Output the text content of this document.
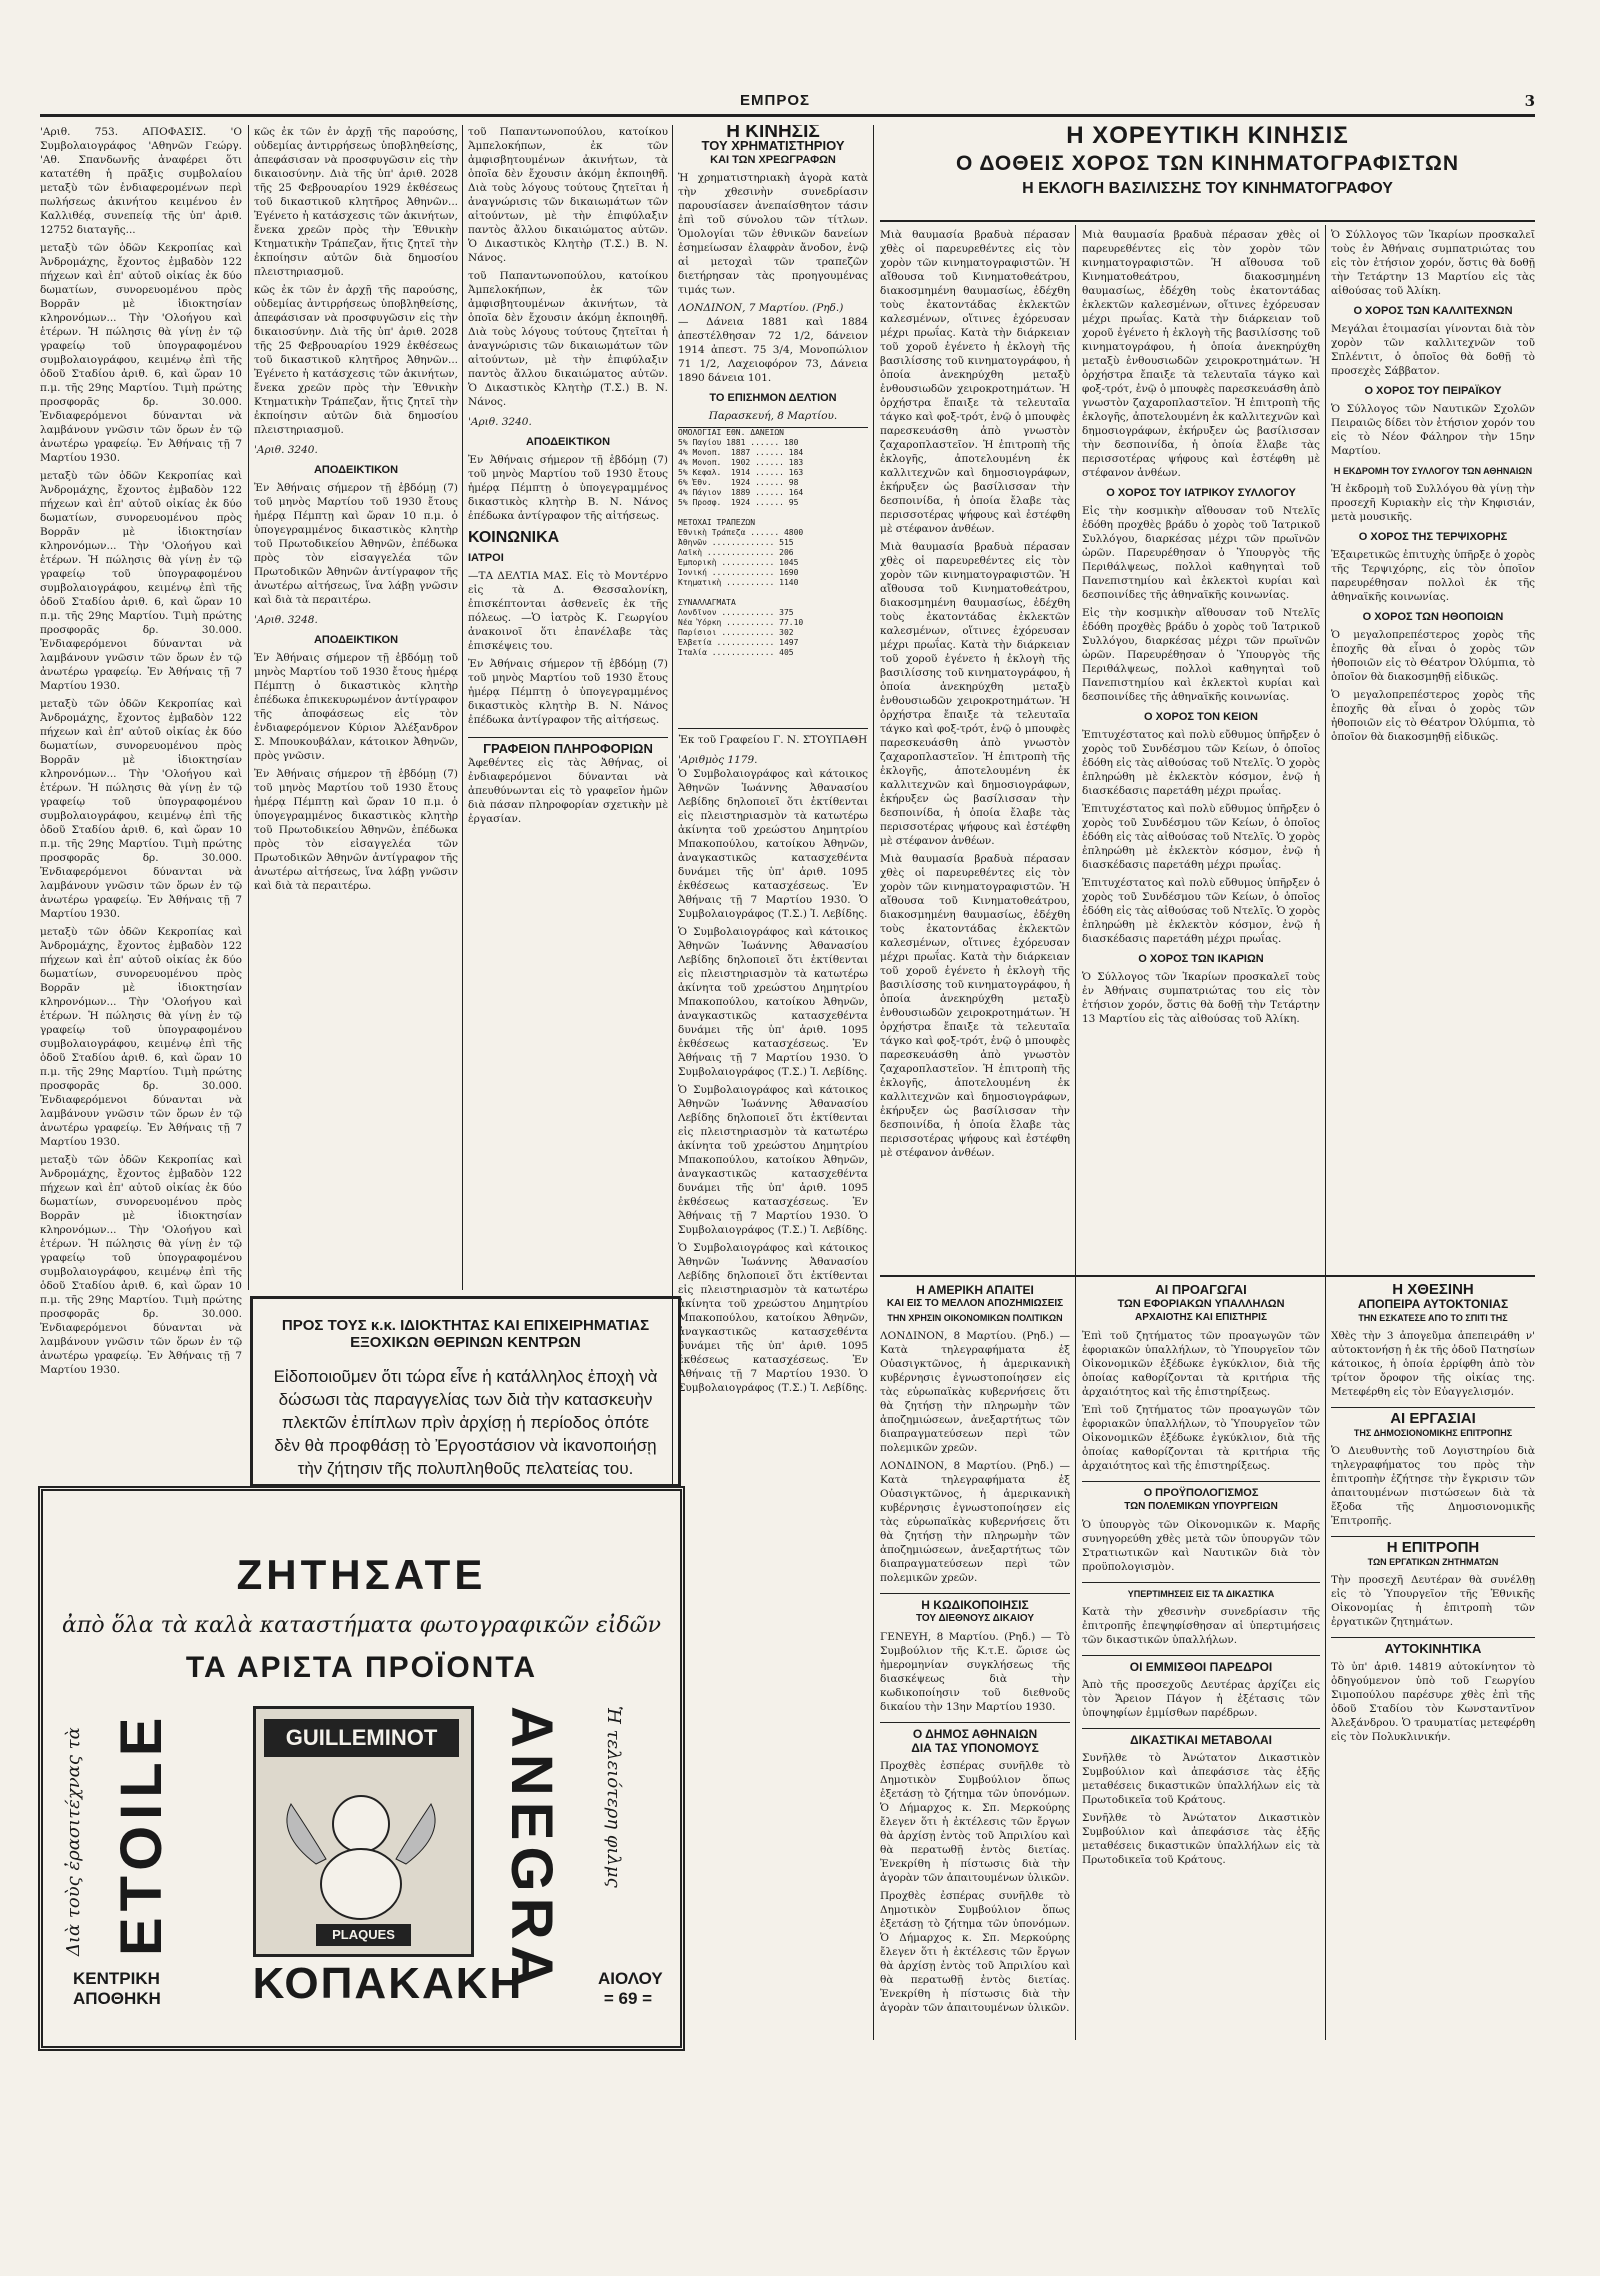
ΕΜΠΡΟΣ	3
'Αριθ. 753. ΑΠΟΦΑΣΙΣ. 'Ο Συμβολαιογράφος 'Αθηνῶν Γεώργ. 'Αθ. Σπανδωνῆς ἀναφέρει ὅτι κατατέθη ἡ πρᾶξις συμβολαίου μεταξὺ τῶν ἐνδιαφερομένων περὶ πωλήσεως ἀκινήτου κειμένου ἐν Καλλιθέᾳ, συνεπείᾳ τῆς ὑπ' ἀριθ. 12752 διαταγῆς...
μεταξὺ τῶν ὁδῶν Κεκροπίας καὶ Ἀνδρομάχης, ἔχοντος ἐμβαδὸν 122 πήχεων καὶ ἐπ' αὐτοῦ οἰκίας ἐκ δύο δωματίων, συνορευομένου πρὸς Βορρᾶν μὲ ἰδιοκτησίαν κληρονόμων... Τὴν 'Ολοήγου καὶ ἑτέρων. Ἡ πώλησις θὰ γίνῃ ἐν τῷ γραφείῳ τοῦ ὑπογραφομένου συμβολαιογράφου, κειμένῳ ἐπὶ τῆς ὁδοῦ Σταδίου ἀριθ. 6, καὶ ὥραν 10 π.μ. τῆς 29ης Μαρτίου. Τιμὴ πρώτης προσφορᾶς δρ. 30.000. Ἐνδιαφερόμενοι δύνανται νὰ λαμβάνουν γνῶσιν τῶν ὅρων ἐν τῷ ἀνωτέρω γραφείῳ. Ἐν Ἀθήναις τῇ 7 Μαρτίου 1930.
μεταξὺ τῶν ὁδῶν Κεκροπίας καὶ Ἀνδρομάχης, ἔχοντος ἐμβαδὸν 122 πήχεων καὶ ἐπ' αὐτοῦ οἰκίας ἐκ δύο δωματίων, συνορευομένου πρὸς Βορρᾶν μὲ ἰδιοκτησίαν κληρονόμων... Τὴν 'Ολοήγου καὶ ἑτέρων. Ἡ πώλησις θὰ γίνῃ ἐν τῷ γραφείῳ τοῦ ὑπογραφομένου συμβολαιογράφου, κειμένῳ ἐπὶ τῆς ὁδοῦ Σταδίου ἀριθ. 6, καὶ ὥραν 10 π.μ. τῆς 29ης Μαρτίου. Τιμὴ πρώτης προσφορᾶς δρ. 30.000. Ἐνδιαφερόμενοι δύνανται νὰ λαμβάνουν γνῶσιν τῶν ὅρων ἐν τῷ ἀνωτέρω γραφείῳ. Ἐν Ἀθήναις τῇ 7 Μαρτίου 1930.
μεταξὺ τῶν ὁδῶν Κεκροπίας καὶ Ἀνδρομάχης, ἔχοντος ἐμβαδὸν 122 πήχεων καὶ ἐπ' αὐτοῦ οἰκίας ἐκ δύο δωματίων, συνορευομένου πρὸς Βορρᾶν μὲ ἰδιοκτησίαν κληρονόμων... Τὴν 'Ολοήγου καὶ ἑτέρων. Ἡ πώλησις θὰ γίνῃ ἐν τῷ γραφείῳ τοῦ ὑπογραφομένου συμβολαιογράφου, κειμένῳ ἐπὶ τῆς ὁδοῦ Σταδίου ἀριθ. 6, καὶ ὥραν 10 π.μ. τῆς 29ης Μαρτίου. Τιμὴ πρώτης προσφορᾶς δρ. 30.000. Ἐνδιαφερόμενοι δύνανται νὰ λαμβάνουν γνῶσιν τῶν ὅρων ἐν τῷ ἀνωτέρω γραφείῳ. Ἐν Ἀθήναις τῇ 7 Μαρτίου 1930.
μεταξὺ τῶν ὁδῶν Κεκροπίας καὶ Ἀνδρομάχης, ἔχοντος ἐμβαδὸν 122 πήχεων καὶ ἐπ' αὐτοῦ οἰκίας ἐκ δύο δωματίων, συνορευομένου πρὸς Βορρᾶν μὲ ἰδιοκτησίαν κληρονόμων... Τὴν 'Ολοήγου καὶ ἑτέρων. Ἡ πώλησις θὰ γίνῃ ἐν τῷ γραφείῳ τοῦ ὑπογραφομένου συμβολαιογράφου, κειμένῳ ἐπὶ τῆς ὁδοῦ Σταδίου ἀριθ. 6, καὶ ὥραν 10 π.μ. τῆς 29ης Μαρτίου. Τιμὴ πρώτης προσφορᾶς δρ. 30.000. Ἐνδιαφερόμενοι δύνανται νὰ λαμβάνουν γνῶσιν τῶν ὅρων ἐν τῷ ἀνωτέρω γραφείῳ. Ἐν Ἀθήναις τῇ 7 Μαρτίου 1930.
μεταξὺ τῶν ὁδῶν Κεκροπίας καὶ Ἀνδρομάχης, ἔχοντος ἐμβαδὸν 122 πήχεων καὶ ἐπ' αὐτοῦ οἰκίας ἐκ δύο δωματίων, συνορευομένου πρὸς Βορρᾶν μὲ ἰδιοκτησίαν κληρονόμων... Τὴν 'Ολοήγου καὶ ἑτέρων. Ἡ πώλησις θὰ γίνῃ ἐν τῷ γραφείῳ τοῦ ὑπογραφομένου συμβολαιογράφου, κειμένῳ ἐπὶ τῆς ὁδοῦ Σταδίου ἀριθ. 6, καὶ ὥραν 10 π.μ. τῆς 29ης Μαρτίου. Τιμὴ πρώτης προσφορᾶς δρ. 30.000. Ἐνδιαφερόμενοι δύνανται νὰ λαμβάνουν γνῶσιν τῶν ὅρων ἐν τῷ ἀνωτέρω γραφείῳ. Ἐν Ἀθήναις τῇ 7 Μαρτίου 1930.
κῶς ἐκ τῶν ἐν ἀρχῇ τῆς παρούσης, οὐδεμίας ἀντιρρήσεως ὑποβληθείσης, ἀπεφάσισαν νὰ προσφυγῶσιν εἰς τὴν δικαιοσύνην. Διὰ τῆς ὑπ' ἀριθ. 2028 τῆς 25 Φεβρουαρίου 1929 ἐκθέσεως τοῦ δικαστικοῦ κλητῆρος Ἀθηνῶν... Ἐγένετο ἡ κατάσχεσις τῶν ἀκινήτων, ἔνεκα χρεῶν πρὸς τὴν Ἐθνικὴν Κτηματικὴν Τράπεζαν, ἥτις ζητεῖ τὴν ἐκποίησιν αὐτῶν διὰ δημοσίου πλειστηριασμοῦ.
κῶς ἐκ τῶν ἐν ἀρχῇ τῆς παρούσης, οὐδεμίας ἀντιρρήσεως ὑποβληθείσης, ἀπεφάσισαν νὰ προσφυγῶσιν εἰς τὴν δικαιοσύνην. Διὰ τῆς ὑπ' ἀριθ. 2028 τῆς 25 Φεβρουαρίου 1929 ἐκθέσεως τοῦ δικαστικοῦ κλητῆρος Ἀθηνῶν... Ἐγένετο ἡ κατάσχεσις τῶν ἀκινήτων, ἔνεκα χρεῶν πρὸς τὴν Ἐθνικὴν Κτηματικὴν Τράπεζαν, ἥτις ζητεῖ τὴν ἐκποίησιν αὐτῶν διὰ δημοσίου πλειστηριασμοῦ.
'Αριθ. 3240.
ΑΠΟΔΕΙΚΤΙΚΟΝ
Ἐν Ἀθήναις σήμερον τῇ ἑβδόμῃ (7) τοῦ μηνὸς Μαρτίου τοῦ 1930 ἔτους ἡμέρᾳ Πέμπτῃ καὶ ὥραν 10 π.μ. ὁ ὑπογεγραμμένος δικαστικὸς κλητὴρ τοῦ Πρωτοδικείου Ἀθηνῶν, ἐπέδωκα πρὸς τὸν εἰσαγγελέα τῶν Πρωτοδικῶν Ἀθηνῶν ἀντίγραφον τῆς ἀνωτέρω αἰτήσεως, ἵνα λάβῃ γνῶσιν καὶ διὰ τὰ περαιτέρω.
'Αριθ. 3248.
ΑΠΟΔΕΙΚΤΙΚΟΝ
Ἐν Ἀθήναις σήμερον τῇ ἑβδόμῃ τοῦ μηνὸς Μαρτίου τοῦ 1930 ἔτους ἡμέρᾳ Πέμπτῃ ὁ δικαστικὸς κλητὴρ ἐπέδωκα ἐπικεκυρωμένον ἀντίγραφον τῆς ἀποφάσεως εἰς τὸν ἐνδιαφερόμενον Κύριον Ἀλέξανδρον Σ. Μπουκουβάλαν, κάτοικον Ἀθηνῶν, πρὸς γνῶσιν.
Ἐν Ἀθήναις σήμερον τῇ ἑβδόμῃ (7) τοῦ μηνὸς Μαρτίου τοῦ 1930 ἔτους ἡμέρᾳ Πέμπτῃ καὶ ὥραν 10 π.μ. ὁ ὑπογεγραμμένος δικαστικὸς κλητὴρ τοῦ Πρωτοδικείου Ἀθηνῶν, ἐπέδωκα πρὸς τὸν εἰσαγγελέα τῶν Πρωτοδικῶν Ἀθηνῶν ἀντίγραφον τῆς ἀνωτέρω αἰτήσεως, ἵνα λάβῃ γνῶσιν καὶ διὰ τὰ περαιτέρω.
τοῦ Παπαντωνοπούλου, κατοίκου Ἀμπελοκήπων, ἐκ τῶν ἀμφισβητουμένων ἀκινήτων, τὰ ὁποῖα δὲν ἔχουσιν ἀκόμη ἐκποιηθῆ. Διὰ τοὺς λόγους τούτους ζητεῖται ἡ ἀναγνώρισις τῶν δικαιωμάτων τῶν αἰτούντων, μὲ τὴν ἐπιφύλαξιν παντὸς ἄλλου δικαιώματος αὐτῶν. Ὁ Δικαστικὸς Κλητὴρ (Τ.Σ.) Β. Ν. Νάνος.
τοῦ Παπαντωνοπούλου, κατοίκου Ἀμπελοκήπων, ἐκ τῶν ἀμφισβητουμένων ἀκινήτων, τὰ ὁποῖα δὲν ἔχουσιν ἀκόμη ἐκποιηθῆ. Διὰ τοὺς λόγους τούτους ζητεῖται ἡ ἀναγνώρισις τῶν δικαιωμάτων τῶν αἰτούντων, μὲ τὴν ἐπιφύλαξιν παντὸς ἄλλου δικαιώματος αὐτῶν. Ὁ Δικαστικὸς Κλητὴρ (Τ.Σ.) Β. Ν. Νάνος.
'Αριθ. 3240.
ΑΠΟΔΕΙΚΤΙΚΟΝ
Ἐν Ἀθήναις σήμερον τῇ ἑβδόμῃ (7) τοῦ μηνὸς Μαρτίου τοῦ 1930 ἔτους ἡμέρᾳ Πέμπτῃ ὁ ὑπογεγραμμένος δικαστικὸς κλητὴρ Β. Ν. Νάνος ἐπέδωκα ἀντίγραφον τῆς αἰτήσεως.
ΚΟΙΝΩΝΙΚΑ
ΙΑΤΡΟΙ
—ΤΑ ΔΕΛΤΙΑ ΜΑΣ. Εἰς τὸ Μοντέρνο εἰς τὰ Δ. Θεσσαλονίκη, ἐπισκέπτονται ἀσθενεῖς ἐκ τῆς πόλεως. —Ὁ ἰατρὸς Κ. Γεωργίου ἀνακοινοῖ ὅτι ἐπανέλαβε τὰς ἐπισκέψεις του.
Ἐν Ἀθήναις σήμερον τῇ ἑβδόμῃ (7) τοῦ μηνὸς Μαρτίου τοῦ 1930 ἔτους ἡμέρᾳ Πέμπτῃ ὁ ὑπογεγραμμένος δικαστικὸς κλητὴρ Β. Ν. Νάνος ἐπέδωκα ἀντίγραφον τῆς αἰτήσεως.
ΓΡΑΦΕΙΟΝ ΠΛΗΡΟΦΟΡΙΩΝ
Ἀφεθέντες εἰς τὰς Ἀθήνας, οἱ ἐνδιαφερόμενοι δύνανται νὰ ἀπευθύνωνται εἰς τὸ γραφεῖον ἡμῶν διὰ πάσαν πληροφορίαν σχετικὴν μὲ ἐργασίαν.
Η ΚΙΝΗΣΙΣ
ΤΟΥ ΧΡΗΜΑΤΙΣΤΗΡΙΟΥ
ΚΑΙ ΤΩΝ ΧΡΕΩΓΡΑΦΩΝ
Ἡ χρηματιστηριακὴ ἀγορὰ κατὰ τὴν χθεσινὴν συνεδρίασιν παρουσίασεν ἀνεπαίσθητον τάσιν ἐπὶ τοῦ σύνολου τῶν τίτλων. Ὁμολογίαι τῶν ἐθνικῶν δανείων ἐσημείωσαν ἐλαφρὰν ἄνοδον, ἐνῷ αἱ μετοχαὶ τῶν τραπεζῶν διετήρησαν τὰς προηγουμένας τιμάς των.
ΛΟΝΔΙΝΟΝ, 7 Μαρτίου. (Ρηδ.)
— Δάνεια 1881 καὶ 1884 ἀπεστέλθησαν 72 1/2, δάνειον 1914 ἀπεστ. 75 3/4, Μονοπώλιον 71 1/2, Λαχειοφόρον 73, Δάνεια 1890 δάνεια 101.
ΤΟ ΕΠΙΣΗΜΟΝ ΔΕΛΤΙΟΝ
Παρασκευή, 8 Μαρτίου.
ΟΜΟΛΟΓΙΑΙ ΕΘΝ. ΔΑΝΕΙΩΝ
5% Παγίου 1881 ...... 180
4% Μονοπ.  1887 ...... 184
4% Μονοπ.  1902 ...... 183
5% Κεφαλ.  1914 ...... 163
6% Ἐθν.    1924 ...... 98
4% Πάγιον  1889 ...... 164
5% Προσφ.  1924 ...... 95

ΜΕΤΟΧΑΙ ΤΡΑΠΕΖΩΝ
Ἐθνικὴ Τράπεζα ...... 4800
Ἀθηνῶν ............. 515
Λαϊκὴ .............. 206
Ἐμπορικὴ ........... 1045
Ἰονική ............. 1690
Κτηματικὴ .......... 1140

ΣΥΝΑΛΛΑΓΜΑΤΑ
Λονδῖνον ........... 375
Νέα Ὑόρκη .......... 77.10
Παρίσιοι ........... 302
Ἐλβετία ............ 1497
Ἰταλία ............. 405
Ἐκ τοῦ Γραφείου Γ. Ν. ΣΤΟΥΠΑΘΗ
'Αριθμὸς 1179.
Ὁ Συμβολαιογράφος καὶ κάτοικος Ἀθηνῶν Ἰωάννης Ἀθανασίου Λεβίδης δηλοποιεῖ ὅτι ἐκτίθενται εἰς πλειστηριασμὸν τὰ κατωτέρω ἀκίνητα τοῦ χρεώστου Δημητρίου Μπακοπούλου, κατοίκου Ἀθηνῶν, ἀναγκαστικῶς κατασχεθέντα δυνάμει τῆς ὑπ' ἀριθ. 1095 ἐκθέσεως κατασχέσεως. Ἐν Ἀθήναις τῇ 7 Μαρτίου 1930. Ὁ Συμβολαιογράφος (Τ.Σ.) Ἰ. Λεβίδης.
Ὁ Συμβολαιογράφος καὶ κάτοικος Ἀθηνῶν Ἰωάννης Ἀθανασίου Λεβίδης δηλοποιεῖ ὅτι ἐκτίθενται εἰς πλειστηριασμὸν τὰ κατωτέρω ἀκίνητα τοῦ χρεώστου Δημητρίου Μπακοπούλου, κατοίκου Ἀθηνῶν, ἀναγκαστικῶς κατασχεθέντα δυνάμει τῆς ὑπ' ἀριθ. 1095 ἐκθέσεως κατασχέσεως. Ἐν Ἀθήναις τῇ 7 Μαρτίου 1930. Ὁ Συμβολαιογράφος (Τ.Σ.) Ἰ. Λεβίδης.
Ὁ Συμβολαιογράφος καὶ κάτοικος Ἀθηνῶν Ἰωάννης Ἀθανασίου Λεβίδης δηλοποιεῖ ὅτι ἐκτίθενται εἰς πλειστηριασμὸν τὰ κατωτέρω ἀκίνητα τοῦ χρεώστου Δημητρίου Μπακοπούλου, κατοίκου Ἀθηνῶν, ἀναγκαστικῶς κατασχεθέντα δυνάμει τῆς ὑπ' ἀριθ. 1095 ἐκθέσεως κατασχέσεως. Ἐν Ἀθήναις τῇ 7 Μαρτίου 1930. Ὁ Συμβολαιογράφος (Τ.Σ.) Ἰ. Λεβίδης.
Ὁ Συμβολαιογράφος καὶ κάτοικος Ἀθηνῶν Ἰωάννης Ἀθανασίου Λεβίδης δηλοποιεῖ ὅτι ἐκτίθενται εἰς πλειστηριασμὸν τὰ κατωτέρω ἀκίνητα τοῦ χρεώστου Δημητρίου Μπακοπούλου, κατοίκου Ἀθηνῶν, ἀναγκαστικῶς κατασχεθέντα δυνάμει τῆς ὑπ' ἀριθ. 1095 ἐκθέσεως κατασχέσεως. Ἐν Ἀθήναις τῇ 7 Μαρτίου 1930. Ὁ Συμβολαιογράφος (Τ.Σ.) Ἰ. Λεβίδης.
Η ΧΟΡΕΥΤΙΚΗ ΚΙΝΗΣΙΣ
Ο ΔΟΘΕΙΣ ΧΟΡΟΣ ΤΩΝ ΚΙΝΗΜΑΤΟΓΡΑΦΙΣΤΩΝ
Η ΕΚΛΟΓΗ ΒΑΣΙΛΙΣΣΗΣ ΤΟΥ ΚΙΝΗΜΑΤΟΓΡΑΦΟΥ
Μιὰ θαυμασία βραδυὰ πέρασαν χθὲς οἱ παρευρεθέντες εἰς τὸν χορὸν τῶν κινηματογραφιστῶν. Ἡ αἴθουσα τοῦ Κινηματοθεάτρου, διακοσμημένη θαυμασίως, ἐδέχθη τοὺς ἑκατοντάδας ἐκλεκτῶν καλεσμένων, οἵτινες ἐχόρευσαν μέχρι πρωΐας. Κατὰ τὴν διάρκειαν τοῦ χοροῦ ἐγένετο ἡ ἐκλογὴ τῆς βασιλίσσης τοῦ κινηματογράφου, ἡ ὁποία ἀνεκηρύχθη μεταξὺ ἐνθουσιωδῶν χειροκροτημάτων. Ἡ ὀρχήστρα ἔπαιξε τὰ τελευταῖα τάγκο καὶ φοξ-τρότ, ἐνῷ ὁ μπουφὲς παρεσκευάσθη ἀπὸ γνωστὸν ζαχαροπλαστεῖον. Ἡ ἐπιτροπὴ τῆς ἐκλογῆς, ἀποτελουμένη ἐκ καλλιτεχνῶν καὶ δημοσιογράφων, ἐκήρυξεν ὡς βασίλισσαν τὴν δεσποινίδα, ἡ ὁποία ἔλαβε τὰς περισσοτέρας ψήφους καὶ ἐστέφθη μὲ στέφανον ἀνθέων.
Μιὰ θαυμασία βραδυὰ πέρασαν χθὲς οἱ παρευρεθέντες εἰς τὸν χορὸν τῶν κινηματογραφιστῶν. Ἡ αἴθουσα τοῦ Κινηματοθεάτρου, διακοσμημένη θαυμασίως, ἐδέχθη τοὺς ἑκατοντάδας ἐκλεκτῶν καλεσμένων, οἵτινες ἐχόρευσαν μέχρι πρωΐας. Κατὰ τὴν διάρκειαν τοῦ χοροῦ ἐγένετο ἡ ἐκλογὴ τῆς βασιλίσσης τοῦ κινηματογράφου, ἡ ὁποία ἀνεκηρύχθη μεταξὺ ἐνθουσιωδῶν χειροκροτημάτων. Ἡ ὀρχήστρα ἔπαιξε τὰ τελευταῖα τάγκο καὶ φοξ-τρότ, ἐνῷ ὁ μπουφὲς παρεσκευάσθη ἀπὸ γνωστὸν ζαχαροπλαστεῖον. Ἡ ἐπιτροπὴ τῆς ἐκλογῆς, ἀποτελουμένη ἐκ καλλιτεχνῶν καὶ δημοσιογράφων, ἐκήρυξεν ὡς βασίλισσαν τὴν δεσποινίδα, ἡ ὁποία ἔλαβε τὰς περισσοτέρας ψήφους καὶ ἐστέφθη μὲ στέφανον ἀνθέων.
Μιὰ θαυμασία βραδυὰ πέρασαν χθὲς οἱ παρευρεθέντες εἰς τὸν χορὸν τῶν κινηματογραφιστῶν. Ἡ αἴθουσα τοῦ Κινηματοθεάτρου, διακοσμημένη θαυμασίως, ἐδέχθη τοὺς ἑκατοντάδας ἐκλεκτῶν καλεσμένων, οἵτινες ἐχόρευσαν μέχρι πρωΐας. Κατὰ τὴν διάρκειαν τοῦ χοροῦ ἐγένετο ἡ ἐκλογὴ τῆς βασιλίσσης τοῦ κινηματογράφου, ἡ ὁποία ἀνεκηρύχθη μεταξὺ ἐνθουσιωδῶν χειροκροτημάτων. Ἡ ὀρχήστρα ἔπαιξε τὰ τελευταῖα τάγκο καὶ φοξ-τρότ, ἐνῷ ὁ μπουφὲς παρεσκευάσθη ἀπὸ γνωστὸν ζαχαροπλαστεῖον. Ἡ ἐπιτροπὴ τῆς ἐκλογῆς, ἀποτελουμένη ἐκ καλλιτεχνῶν καὶ δημοσιογράφων, ἐκήρυξεν ὡς βασίλισσαν τὴν δεσποινίδα, ἡ ὁποία ἔλαβε τὰς περισσοτέρας ψήφους καὶ ἐστέφθη μὲ στέφανον ἀνθέων.
Μιὰ θαυμασία βραδυὰ πέρασαν χθὲς οἱ παρευρεθέντες εἰς τὸν χορὸν τῶν κινηματογραφιστῶν. Ἡ αἴθουσα τοῦ Κινηματοθεάτρου, διακοσμημένη θαυμασίως, ἐδέχθη τοὺς ἑκατοντάδας ἐκλεκτῶν καλεσμένων, οἵτινες ἐχόρευσαν μέχρι πρωΐας. Κατὰ τὴν διάρκειαν τοῦ χοροῦ ἐγένετο ἡ ἐκλογὴ τῆς βασιλίσσης τοῦ κινηματογράφου, ἡ ὁποία ἀνεκηρύχθη μεταξὺ ἐνθουσιωδῶν χειροκροτημάτων. Ἡ ὀρχήστρα ἔπαιξε τὰ τελευταῖα τάγκο καὶ φοξ-τρότ, ἐνῷ ὁ μπουφὲς παρεσκευάσθη ἀπὸ γνωστὸν ζαχαροπλαστεῖον. Ἡ ἐπιτροπὴ τῆς ἐκλογῆς, ἀποτελουμένη ἐκ καλλιτεχνῶν καὶ δημοσιογράφων, ἐκήρυξεν ὡς βασίλισσαν τὴν δεσποινίδα, ἡ ὁποία ἔλαβε τὰς περισσοτέρας ψήφους καὶ ἐστέφθη μὲ στέφανον ἀνθέων.
Ο ΧΟΡΟΣ ΤΟΥ ΙΑΤΡΙΚΟΥ ΣΥΛΛΟΓΟΥ
Εἰς τὴν κοσμικὴν αἴθουσαν τοῦ Ντελῖς ἐδόθη προχθὲς βράδυ ὁ χορὸς τοῦ Ἰατρικοῦ Συλλόγου, διαρκέσας μέχρι τῶν πρωϊνῶν ὡρῶν. Παρευρέθησαν ὁ Ὑπουργὸς τῆς Περιθάλψεως, πολλοὶ καθηγηταὶ τοῦ Πανεπιστημίου καὶ ἐκλεκτοὶ κυρίαι καὶ δεσποινίδες τῆς ἀθηναϊκῆς κοινωνίας.
Εἰς τὴν κοσμικὴν αἴθουσαν τοῦ Ντελῖς ἐδόθη προχθὲς βράδυ ὁ χορὸς τοῦ Ἰατρικοῦ Συλλόγου, διαρκέσας μέχρι τῶν πρωϊνῶν ὡρῶν. Παρευρέθησαν ὁ Ὑπουργὸς τῆς Περιθάλψεως, πολλοὶ καθηγηταὶ τοῦ Πανεπιστημίου καὶ ἐκλεκτοὶ κυρίαι καὶ δεσποινίδες τῆς ἀθηναϊκῆς κοινωνίας.
Ο ΧΟΡΟΣ ΤΟΝ ΚΕΙΟΝ
Ἐπιτυχέστατος καὶ πολὺ εὔθυμος ὑπῆρξεν ὁ χορὸς τοῦ Συνδέσμου τῶν Κείων, ὁ ὁποῖος ἐδόθη εἰς τὰς αἰθούσας τοῦ Ντελῖς. Ὁ χορὸς ἐπληρώθη μὲ ἐκλεκτὸν κόσμον, ἐνῷ ἡ διασκέδασις παρετάθη μέχρι πρωΐας.
Ἐπιτυχέστατος καὶ πολὺ εὔθυμος ὑπῆρξεν ὁ χορὸς τοῦ Συνδέσμου τῶν Κείων, ὁ ὁποῖος ἐδόθη εἰς τὰς αἰθούσας τοῦ Ντελῖς. Ὁ χορὸς ἐπληρώθη μὲ ἐκλεκτὸν κόσμον, ἐνῷ ἡ διασκέδασις παρετάθη μέχρι πρωΐας.
Ἐπιτυχέστατος καὶ πολὺ εὔθυμος ὑπῆρξεν ὁ χορὸς τοῦ Συνδέσμου τῶν Κείων, ὁ ὁποῖος ἐδόθη εἰς τὰς αἰθούσας τοῦ Ντελῖς. Ὁ χορὸς ἐπληρώθη μὲ ἐκλεκτὸν κόσμον, ἐνῷ ἡ διασκέδασις παρετάθη μέχρι πρωΐας.
Ο ΧΟΡΟΣ ΤΩΝ ΙΚΑΡΙΩΝ
Ὁ Σύλλογος τῶν Ἰκαρίων προσκαλεῖ τοὺς ἐν Ἀθήναις συμπατριώτας του εἰς τὸν ἐτήσιον χορόν, ὅστις θὰ δοθῇ τὴν Τετάρτην 13 Μαρτίου εἰς τὰς αἰθούσας τοῦ Ἀλίκη.
Ὁ Σύλλογος τῶν Ἰκαρίων προσκαλεῖ τοὺς ἐν Ἀθήναις συμπατριώτας του εἰς τὸν ἐτήσιον χορόν, ὅστις θὰ δοθῇ τὴν Τετάρτην 13 Μαρτίου εἰς τὰς αἰθούσας τοῦ Ἀλίκη.
Ο ΧΟΡΟΣ ΤΩΝ ΚΑΛΛΙΤΕΧΝΩΝ
Μεγάλαι ἑτοιμασίαι γίνονται διὰ τὸν χορὸν τῶν καλλιτεχνῶν τοῦ Σπλέντιτ, ὁ ὁποῖος θὰ δοθῇ τὸ προσεχὲς Σάββατον.
Ο ΧΟΡΟΣ ΤΟΥ ΠΕΙΡΑΪΚΟΥ
Ὁ Σύλλογος τῶν Ναυτικῶν Σχολῶν Πειραιῶς δίδει τὸν ἐτήσιον χορόν του εἰς τὸ Νέον Φάληρον τὴν 15ην Μαρτίου.
Η ΕΚΔΡΟΜΗ ΤΟΥ ΣΥΛΛΟΓΟΥ ΤΩΝ ΑΘΗΝΑΙΩΝ
Ἡ ἐκδρομὴ τοῦ Συλλόγου θὰ γίνῃ τὴν προσεχῆ Κυριακὴν εἰς τὴν Κηφισιάν, μετὰ μουσικῆς.
Ο ΧΟΡΟΣ ΤΗΣ ΤΕΡΨΙΧΟΡΗΣ
Ἐξαιρετικῶς ἐπιτυχὴς ὑπῆρξε ὁ χορὸς τῆς Τερψιχόρης, εἰς τὸν ὁποῖον παρευρέθησαν πολλοὶ ἐκ τῆς ἀθηναϊκῆς κοινωνίας.
Ο ΧΟΡΟΣ ΤΩΝ ΗΘΟΠΟΙΩΝ
Ὁ μεγαλοπρεπέστερος χορὸς τῆς ἐποχῆς θὰ εἶναι ὁ χορὸς τῶν ἠθοποιῶν εἰς τὸ Θέατρον Ὀλύμπια, τὸ ὁποῖον θὰ διακοσμηθῇ εἰδικῶς.
Ὁ μεγαλοπρεπέστερος χορὸς τῆς ἐποχῆς θὰ εἶναι ὁ χορὸς τῶν ἠθοποιῶν εἰς τὸ Θέατρον Ὀλύμπια, τὸ ὁποῖον θὰ διακοσμηθῇ εἰδικῶς.
Η ΑΜΕΡΙΚΗ ΑΠΑΙΤΕΙ
ΚΑΙ ΕΙΣ ΤΟ ΜΕΛΛΟΝ ΑΠΟΖΗΜΙΩΣΕΙΣ
ΤΗΝ ΧΡΗΣΙΝ ΟΙΚΟΝΟΜΙΚΩΝ ΠΟΛΙΤΙΚΩΝ
ΛΟΝΔΙΝΟΝ, 8 Μαρτίου. (Ρηδ.) — Κατὰ τηλεγραφήματα ἐξ Οὐασιγκτῶνος, ἡ ἀμερικανικὴ κυβέρνησις ἐγνωστοποίησεν εἰς τὰς εὐρωπαϊκὰς κυβερνήσεις ὅτι θὰ ζητήσῃ τὴν πληρωμὴν τῶν ἀποζημιώσεων, ἀνεξαρτήτως τῶν διαπραγματεύσεων περὶ τῶν πολεμικῶν χρεῶν.
ΛΟΝΔΙΝΟΝ, 8 Μαρτίου. (Ρηδ.) — Κατὰ τηλεγραφήματα ἐξ Οὐασιγκτῶνος, ἡ ἀμερικανικὴ κυβέρνησις ἐγνωστοποίησεν εἰς τὰς εὐρωπαϊκὰς κυβερνήσεις ὅτι θὰ ζητήσῃ τὴν πληρωμὴν τῶν ἀποζημιώσεων, ἀνεξαρτήτως τῶν διαπραγματεύσεων περὶ τῶν πολεμικῶν χρεῶν.
Η ΚΩΔΙΚΟΠΟΙΗΣΙΣ
ΤΟΥ ΔΙΕΘΝΟΥΣ ΔΙΚΑΙΟΥ
ΓΕΝΕΥΗ, 8 Μαρτίου. (Ρηδ.) — Τὸ Συμβούλιον τῆς Κ.τ.Ε. ὥρισε ὡς ἡμερομηνίαν συγκλήσεως τῆς διασκέψεως διὰ τὴν κωδικοποίησιν τοῦ διεθνοῦς δικαίου τὴν 13ην Μαρτίου 1930.
Ο ΔΗΜΟΣ ΑΘΗΝΑΙΩΝ
ΔΙΑ ΤΑΣ ΥΠΟΝΟΜΟΥΣ
Προχθὲς ἐσπέρας συνῆλθε τὸ Δημοτικὸν Συμβούλιον ὅπως ἐξετάσῃ τὸ ζήτημα τῶν ὑπονόμων. Ὁ Δήμαρχος κ. Σπ. Μερκούρης ἔλεγεν ὅτι ἡ ἐκτέλεσις τῶν ἔργων θὰ ἀρχίσῃ ἐντὸς τοῦ Ἀπριλίου καὶ θὰ περατωθῇ ἐντὸς διετίας. Ἐνεκρίθη ἡ πίστωσις διὰ τὴν ἀγορὰν τῶν ἀπαιτουμένων ὑλικῶν.
Προχθὲς ἐσπέρας συνῆλθε τὸ Δημοτικὸν Συμβούλιον ὅπως ἐξετάσῃ τὸ ζήτημα τῶν ὑπονόμων. Ὁ Δήμαρχος κ. Σπ. Μερκούρης ἔλεγεν ὅτι ἡ ἐκτέλεσις τῶν ἔργων θὰ ἀρχίσῃ ἐντὸς τοῦ Ἀπριλίου καὶ θὰ περατωθῇ ἐντὸς διετίας. Ἐνεκρίθη ἡ πίστωσις διὰ τὴν ἀγορὰν τῶν ἀπαιτουμένων ὑλικῶν.
ΑΙ ΠΡΟΑΓΩΓΑΙ
ΤΩΝ ΕΦΟΡΙΑΚΩΝ ΥΠΑΛΛΗΛΩΝ
ΑΡΧΑΙΟΤΗΣ ΚΑΙ ΕΠΙΣΤΗΡΙΣ
Ἐπὶ τοῦ ζητήματος τῶν προαγωγῶν τῶν ἐφοριακῶν ὑπαλλήλων, τὸ Ὑπουργεῖον τῶν Οἰκονομικῶν ἐξέδωκε ἐγκύκλιον, διὰ τῆς ὁποίας καθορίζονται τὰ κριτήρια τῆς ἀρχαιότητος καὶ τῆς ἐπιστηρίξεως.
Ἐπὶ τοῦ ζητήματος τῶν προαγωγῶν τῶν ἐφοριακῶν ὑπαλλήλων, τὸ Ὑπουργεῖον τῶν Οἰκονομικῶν ἐξέδωκε ἐγκύκλιον, διὰ τῆς ὁποίας καθορίζονται τὰ κριτήρια τῆς ἀρχαιότητος καὶ τῆς ἐπιστηρίξεως.
Ο ΠΡΟΫΠΟΛΟΓΙΣΜΟΣ
ΤΩΝ ΠΟΛΕΜΙΚΩΝ ΥΠΟΥΡΓΕΙΩΝ
Ὁ ὑπουργὸς τῶν Οἰκονομικῶν κ. Μαρῆς συνηγορεύθη χθὲς μετὰ τῶν ὑπουργῶν τῶν Στρατιωτικῶν καὶ Ναυτικῶν διὰ τὸν προϋπολογισμὸν.
ΥΠΕΡΤΙΜΗΣΕΙΣ ΕΙΣ ΤΑ ΔΙΚΑΣΤΙΚΑ
Κατὰ τὴν χθεσινὴν συνεδρίασιν τῆς ἐπιτροπῆς ἐπεψηφίσθησαν αἱ ὑπερτιμήσεις τῶν δικαστικῶν ὑπαλλήλων.
ΟΙ ΕΜΜΙΣΘΟΙ ΠΑΡΕΔΡΟΙ
Ἀπὸ τῆς προσεχοῦς Δευτέρας ἀρχίζει εἰς τὸν Ἄρειον Πάγον ἡ ἐξέτασις τῶν ὑποψηφίων ἐμμίσθων παρέδρων.
ΔΙΚΑΣΤΙΚΑΙ ΜΕΤΑΒΟΛΑΙ
Συνῆλθε τὸ Ἀνώτατον Δικαστικὸν Συμβούλιον καὶ ἀπεφάσισε τὰς ἑξῆς μεταθέσεις δικαστικῶν ὑπαλλήλων εἰς τὰ Πρωτοδικεῖα τοῦ Κράτους.
Συνῆλθε τὸ Ἀνώτατον Δικαστικὸν Συμβούλιον καὶ ἀπεφάσισε τὰς ἑξῆς μεταθέσεις δικαστικῶν ὑπαλλήλων εἰς τὰ Πρωτοδικεῖα τοῦ Κράτους.
Η ΧΘΕΣΙΝΗ
ΑΠΟΠΕΙΡΑ ΑΥΤΟΚΤΟΝΙΑΣ
ΤΗΝ ΕΣΚΑΤΕΣΕ ΑΠΟ ΤΟ ΣΠΙΤΙ ΤΗΣ
Χθὲς τὴν 3 ἀπογεῦμα ἀπεπειράθη ν' αὐτοκτονήσῃ ἡ ἐκ τῆς ὁδοῦ Πατησίων κάτοικος, ἡ ὁποία ἐρρίφθη ἀπὸ τὸν τρίτον ὄροφον τῆς οἰκίας της. Μετεφέρθη εἰς τὸν Εὐαγγελισμόν.
ΑΙ ΕΡΓΑΣΙΑΙ
ΤΗΣ ΔΗΜΟΣΙΟΝΟΜΙΚΗΣ ΕΠΙΤΡΟΠΗΣ
Ὁ Διευθυντὴς τοῦ Λογιστηρίου διὰ τηλεγραφήματος του πρὸς τὴν ἐπιτροπὴν ἐζήτησε τὴν ἔγκρισιν τῶν ἀπαιτουμένων πιστώσεων διὰ τὰ ἔξοδα τῆς Δημοσιονομικῆς Ἐπιτροπῆς.
Η ΕΠΙΤΡΟΠΗ
ΤΩΝ ΕΡΓΑΤΙΚΩΝ ΖΗΤΗΜΑΤΩΝ
Τὴν προσεχῆ Δευτέραν θὰ συνέλθῃ εἰς τὸ Ὑπουργεῖον τῆς Ἐθνικῆς Οἰκονομίας ἡ ἐπιτροπὴ τῶν ἐργατικῶν ζητημάτων.
ΑΥΤΟΚΙΝΗΤΙΚΑ
Τὸ ὑπ' ἀριθ. 14819 αὐτοκίνητον τὸ ὁδηγούμενον ὑπὸ τοῦ Γεωργίου Σιμοπούλου παρέσυρε χθὲς ἐπὶ τῆς ὁδοῦ Σταδίου τὸν Κωνσταντῖνον Ἀλεξάνδρου. Ὁ τραυματίας μετεφέρθη εἰς τὸν Πολυκλινικήν.
ΠΡΟΣ ΤΟΥΣ κ.κ. ΙΔΙΟΚΤΗΤΑΣ ΚΑΙ ΕΠΙΧΕΙΡΗΜΑΤΙΑΣ ΕΞΟΧΙΚΩΝ ΘΕΡΙΝΩΝ ΚΕΝΤΡΩΝ
Εἰδοποιοῦμεν ὅτι τώρα εἶνε ἡ κατάλληλος ἐποχὴ νὰ δώσωσι τὰς παραγγελίας των διὰ τὴν κατασκευὴν πλεκτῶν ἐπίπλων πρὶν ἀρχίσῃ ἡ περίοδος ὁπότε δὲν θὰ προφθάσῃ τὸ Ἐργοστάσιον νὰ ἱκανοποιήσῃ τὴν ζήτησιν τῆς πολυπληθοῦς πελατείας του.
ΖΗΤΗΣΑΤΕ
ἀπὸ ὅλα τὰ καλὰ καταστήματα φωτογραφικῶν εἰδῶν
ΤΑ ΑΡΙΣΤΑ ΠΡΟΪΟΝΤΑ
Διὰ τοὺς ἐρασιτέχνας τὰ ETOILE	GUILLEMINOT
PLAQUES ANEGRA Ἡ τελειότερη φιλμς
ΚΕΝΤΡΙΚΗ ΑΠΟΘΗΚΗ	ΚΟΠΑΚΑΚΗ	ΑΙΟΛΟΥ = 69 =
